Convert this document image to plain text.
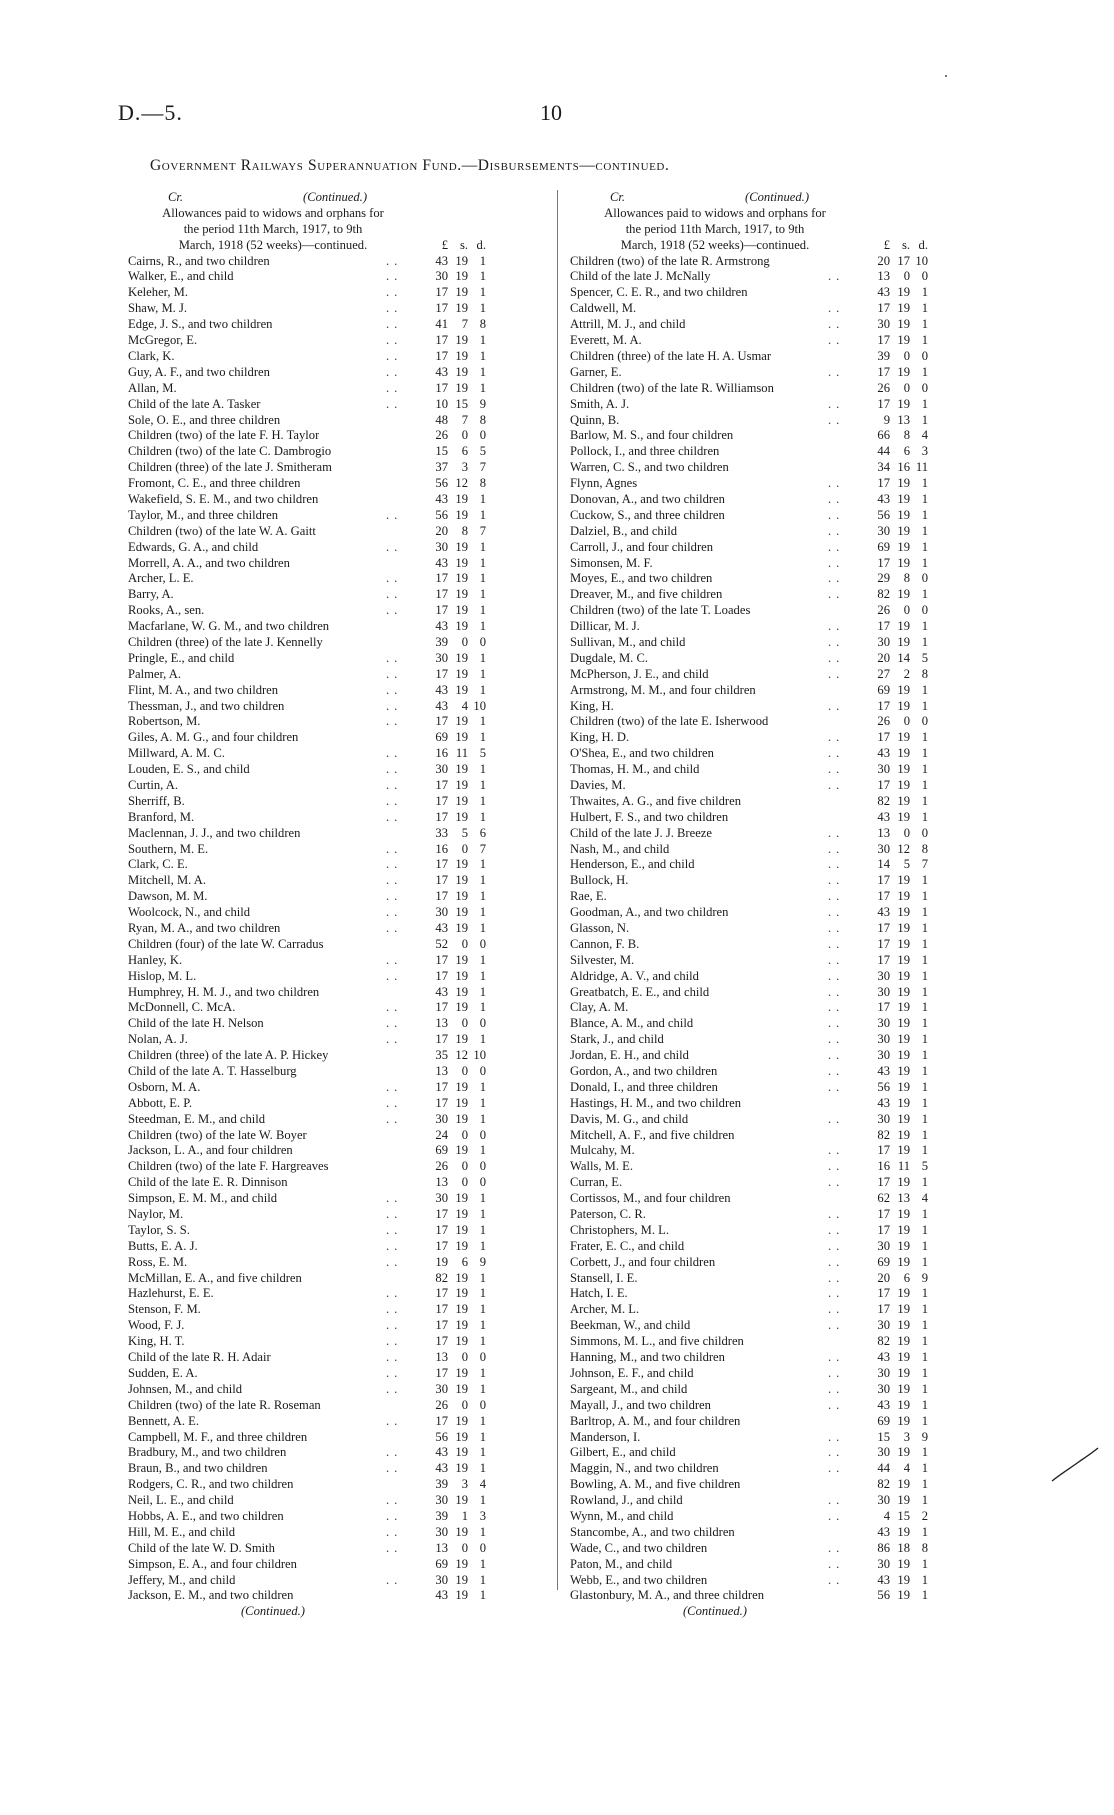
D.—5.	10
Government Railways Superannuation Fund.—Disbursements—continued.
Cr.	(Continued.)
Allowances paid to widows and orphans for
the period 11th March, 1917, to 9th
March, 1918 (52 weeks)—continued.	£ s. d.
Cairns, R., and two children	..	43 19 1
Walker, E., and child	..	30 19 1
Keleher, M.	..	17 19 1
Shaw, M. J.	..	17 19 1
Edge, J. S., and two children	..	41	7 8
McGregor, E.	..	17 19 1
Clark, K.	..	17 19 1
Guy, A. F., and two children	..	43 19 1
Allan, M.	..	17 19 1
Child of the late A. Tasker	..	10 15 9
Sole, O. E., and three children	48	7 8
Children (two) of the late F. H. Taylor	26	0 0
Children (two) of the late C. Dambrogio	15	6 5
Children (three) of the late J. Smitheram	37	3 7
Fromont, C. E., and three children	56 12 8
Wakefield, S. E. M., and two children	43 19 1
Taylor, M., and three children	..	56 19 1
Children (two) of the late W. A. Gaitt	20	8 7
Edwards, G. A., and child	..	30 19 1
Morrell, A. A., and two children	43 19 1
Archer, L. E.	..	17 19 1
Barry, A.	..	17 19 1
Rooks, A., sen.	..	17 19 1
Macfarlane, W. G. M., and two children	43 19 1
Children (three) of the late J. Kennelly	39	0 0
Pringle, E., and child	..	30 19 1
Palmer, A.	..	17 19 1
Flint, M. A., and two children	..	43 19 1
Thessman, J., and two children	..	43	4 10
Robertson, M.	..	17 19 1
Giles, A. M. G., and four children	69 19 1
Millward, A. M. C.	..	16 11 5
Louden, E. S., and child	..	30 19 1
Curtin, A.	..	17 19 1
Sherriff, B.	..	17 19 1
Branford, M.	..	17 19 1
Maclennan, J. J., and two children	33	5 6
Southern, M. E.	..	16	0 7
Clark, C. E.	..	17 19 1
Mitchell, M. A.	..	17 19 1
Dawson, M. M.	..	17 19 1
Woolcock, N., and child	..	30 19 1
Ryan, M. A., and two children	..	43 19 1
Children (four) of the late W. Carradus	52	0 0
Hanley, K.	..	17 19 1
Hislop, M. L.	..	17 19 1
Humphrey, H. M. J., and two children	43 19 1
McDonnell, C. McA.	..	17 19 1
Child of the late H. Nelson	..	13	0 0
Nolan, A. J.	..	17 19 1
Children (three) of the late A. P. Hickey	35 12 10
Child of the late A. T. Hasselburg	13	0 0
Osborn, M. A.	..	17 19 1
Abbott, E. P.	..	17 19 1
Steedman, E. M., and child	..	30 19 1
Children (two) of the late W. Boyer	24	0 0
Jackson, L. A., and four children	69 19 1
Children (two) of the late F. Hargreaves	26	0 0
Child of the late E. R. Dinnison	13	0 0
Simpson, E. M. M., and child	..	30 19 1
Naylor, M.	..	17 19 1
Taylor, S. S.	..	17 19 1
Butts, E. A. J.	..	17 19 1
Ross, E. M.	..	19	6 9
McMillan, E. A., and five children	82 19 1
Hazlehurst, E. E.	..	17 19 1
Stenson, F. M.	..	17 19 1
Wood, F. J.	..	17 19 1
King, H. T.	..	17 19 1
Child of the late R. H. Adair	..	13	0 0
Sudden, E. A.	..	17 19 1
Johnsen, M., and child	..	30 19 1
Children (two) of the late R. Roseman	26	0 0
Bennett, A. E.	..	17 19 1
Campbell, M. F., and three children	56 19 1
Bradbury, M., and two children	..	43 19 1
Braun, B., and two children	..	43 19 1
Rodgers, C. R., and two children	39	3 4
Neil, L. E., and child	..	30 19 1
Hobbs, A. E., and two children	..	39	1 3
Hill, M. E., and child	..	30 19 1
Child of the late W. D. Smith	..	13	0 0
Simpson, E. A., and four children	69 19 1
Jeffery, M., and child	..	30 19 1
Jackson, E. M., and two children	43 19 1
(Continued.)
Cr.	(Continued.)
Allowances paid to widows and orphans for
the period 11th March, 1917, to 9th
March, 1918 (52 weeks)—continued.	£ s. d.
Children (two) of the late R. Armstrong	20 17 10
Child of the late J. McNally	..	13	0 0
Spencer, C. E. R., and two children	43 19 1
Caldwell, M.	..	17 19 1
Attrill, M. J., and child	..	30 19 1
Everett, M. A.	..	17 19 1
Children (three) of the late H. A. Usmar	39	0 0
Garner, E.	..	17 19 1
Children (two) of the late R. Williamson	26	0 0
Smith, A. J.	..	17 19 1
Quinn, B.	..	9 13 1
Barlow, M. S., and four children	66	8 4
Pollock, I., and three children	44	6 3
Warren, C. S., and two children	34 16 11
Flynn, Agnes	..	17 19 1
Donovan, A., and two children	..	43 19 1
Cuckow, S., and three children	..	56 19 1
Dalziel, B., and child	..	30 19 1
Carroll, J., and four children	..	69 19 1
Simonsen, M. F.	..	17 19 1
Moyes, E., and two children	..	29	8 0
Dreaver, M., and five children	..	82 19 1
Children (two) of the late T. Loades	26	0 0
Dillicar, M. J.	..	17 19 1
Sullivan, M., and child	..	30 19 1
Dugdale, M. C.	..	20 14 5
McPherson, J. E., and child	..	27	2 8
Armstrong, M. M., and four children	69 19 1
King, H.	..	17 19 1
Children (two) of the late E. Isherwood	26	0 0
King, H. D.	..	17 19 1
O'Shea, E., and two children	..	43 19 1
Thomas, H. M., and child	..	30 19 1
Davies, M.	..	17 19 1
Thwaites, A. G., and five children	82 19 1
Hulbert, F. S., and two children	43 19 1
Child of the late J. J. Breeze	..	13	0 0
Nash, M., and child	..	30 12 8
Henderson, E., and child	..	14	5 7
Bullock, H.	..	17 19 1
Rae, E.	..	17 19 1
Goodman, A., and two children	..	43 19 1
Glasson, N.	..	17 19 1
Cannon, F. B.	..	17 19 1
Silvester, M.	..	17 19 1
Aldridge, A. V., and child	..	30 19 1
Greatbatch, E. E., and child	..	30 19 1
Clay, A. M.	..	17 19 1
Blance, A. M., and child	..	30 19 1
Stark, J., and child	..	30 19 1
Jordan, E. H., and child	..	30 19 1
Gordon, A., and two children	..	43 19 1
Donald, I., and three children	..	56 19 1
Hastings, H. M., and two children	43 19 1
Davis, M. G., and child	..	30 19 1
Mitchell, A. F., and five children	82 19 1
Mulcahy, M.	..	17 19 1
Walls, M. E.	..	16 11 5
Curran, E.	..	17 19 1
Cortissos, M., and four children	62 13 4
Paterson, C. R.	..	17 19 1
Christophers, M. L.	..	17 19 1
Frater, E. C., and child	..	30 19 1
Corbett, J., and four children	..	69 19 1
Stansell, I. E.	..	20	6 9
Hatch, I. E.	..	17 19 1
Archer, M. L.	..	17 19 1
Beekman, W., and child	..	30 19 1
Simmons, M. L., and five children	82 19 1
Hanning, M., and two children	..	43 19 1
Johnson, E. F., and child	..	30 19 1
Sargeant, M., and child	..	30 19 1
Mayall, J., and two children	..	43 19 1
Barltrop, A. M., and four children	69 19 1
Manderson, I.	..	15	3 9
Gilbert, E., and child	..	30 19 1
Maggin, N., and two children	..	44	4 1
Bowling, A. M., and five children	82 19 1
Rowland, J., and child	..	30 19 1
Wynn, M., and child	..	4 15 2
Stancombe, A., and two children	43 19 1
Wade, C., and two children	..	86 18 8
Paton, M., and child	..	30 19 1
Webb, E., and two children	..	43 19 1
Glastonbury, M. A., and three children	56 19 1
(Continued.)
